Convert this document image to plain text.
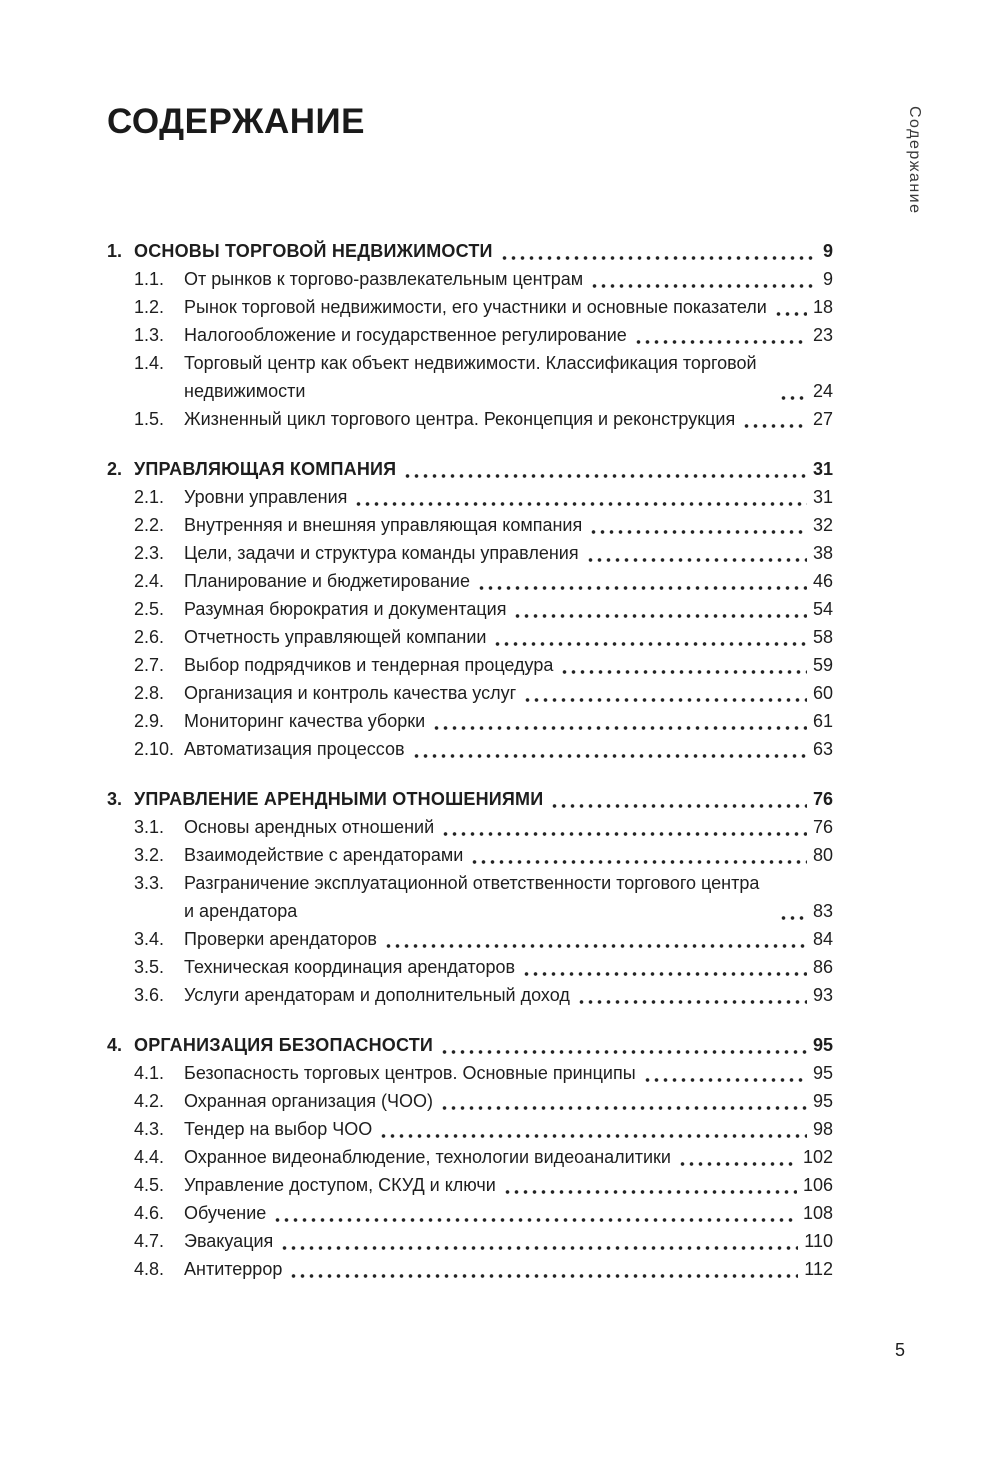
СОДЕРЖАНИЕ	Содержание
1. ОСНОВЫ ТОРГОВОЙ НЕДВИЖИМОСТИ	9
1.1.	От рынков к торгово-развлекательным центрам	9
1.2.	Рынок торговой недвижимости, его участники и основные показатели	18
1.3.	Налогообложение и государственное регулирование	23
1.4.	Торговый центр как объект недвижимости. Классификация торговой недвижимости	24
1.5.	Жизненный цикл торгового центра. Реконцепция и реконструкция	27
2. УПРАВЛЯЮЩАЯ КОМПАНИЯ	31
2.1.	Уровни управления	31
2.2.	Внутренняя и внешняя управляющая компания	32
2.3.	Цели, задачи и структура команды управления	38
2.4.	Планирование и бюджетирование	46
2.5.	Разумная бюрократия и документация	54
2.6.	Отчетность управляющей компании	58
2.7.	Выбор подрядчиков и тендерная процедура	59
2.8.	Организация и контроль качества услуг	60
2.9.	Мониторинг качества уборки	61
2.10. Автоматизация процессов	63
3. УПРАВЛЕНИЕ АРЕНДНЫМИ ОТНОШЕНИЯМИ	76
3.1.	Основы арендных отношений	76
3.2.	Взаимодействие с арендаторами	80
3.3.	Разграничение эксплуатационной ответственности торгового центра и арендатора	83
3.4.	Проверки арендаторов	84
3.5.	Техническая координация арендаторов	86
3.6.	Услуги арендаторам и дополнительный доход	93
4. ОРГАНИЗАЦИЯ БЕЗОПАСНОСТИ	95
4.1.	Безопасность торговых центров. Основные принципы	95
4.2.	Охранная организация (ЧОО)	95
4.3.	Тендер на выбор ЧОО	98
4.4.	Охранное видеонаблюдение, технологии видеоаналитики	102
4.5.	Управление доступом, СКУД и ключи	106
4.6.	Обучение	108
4.7.	Эвакуация	110
4.8.	Антитеррор	112
5
